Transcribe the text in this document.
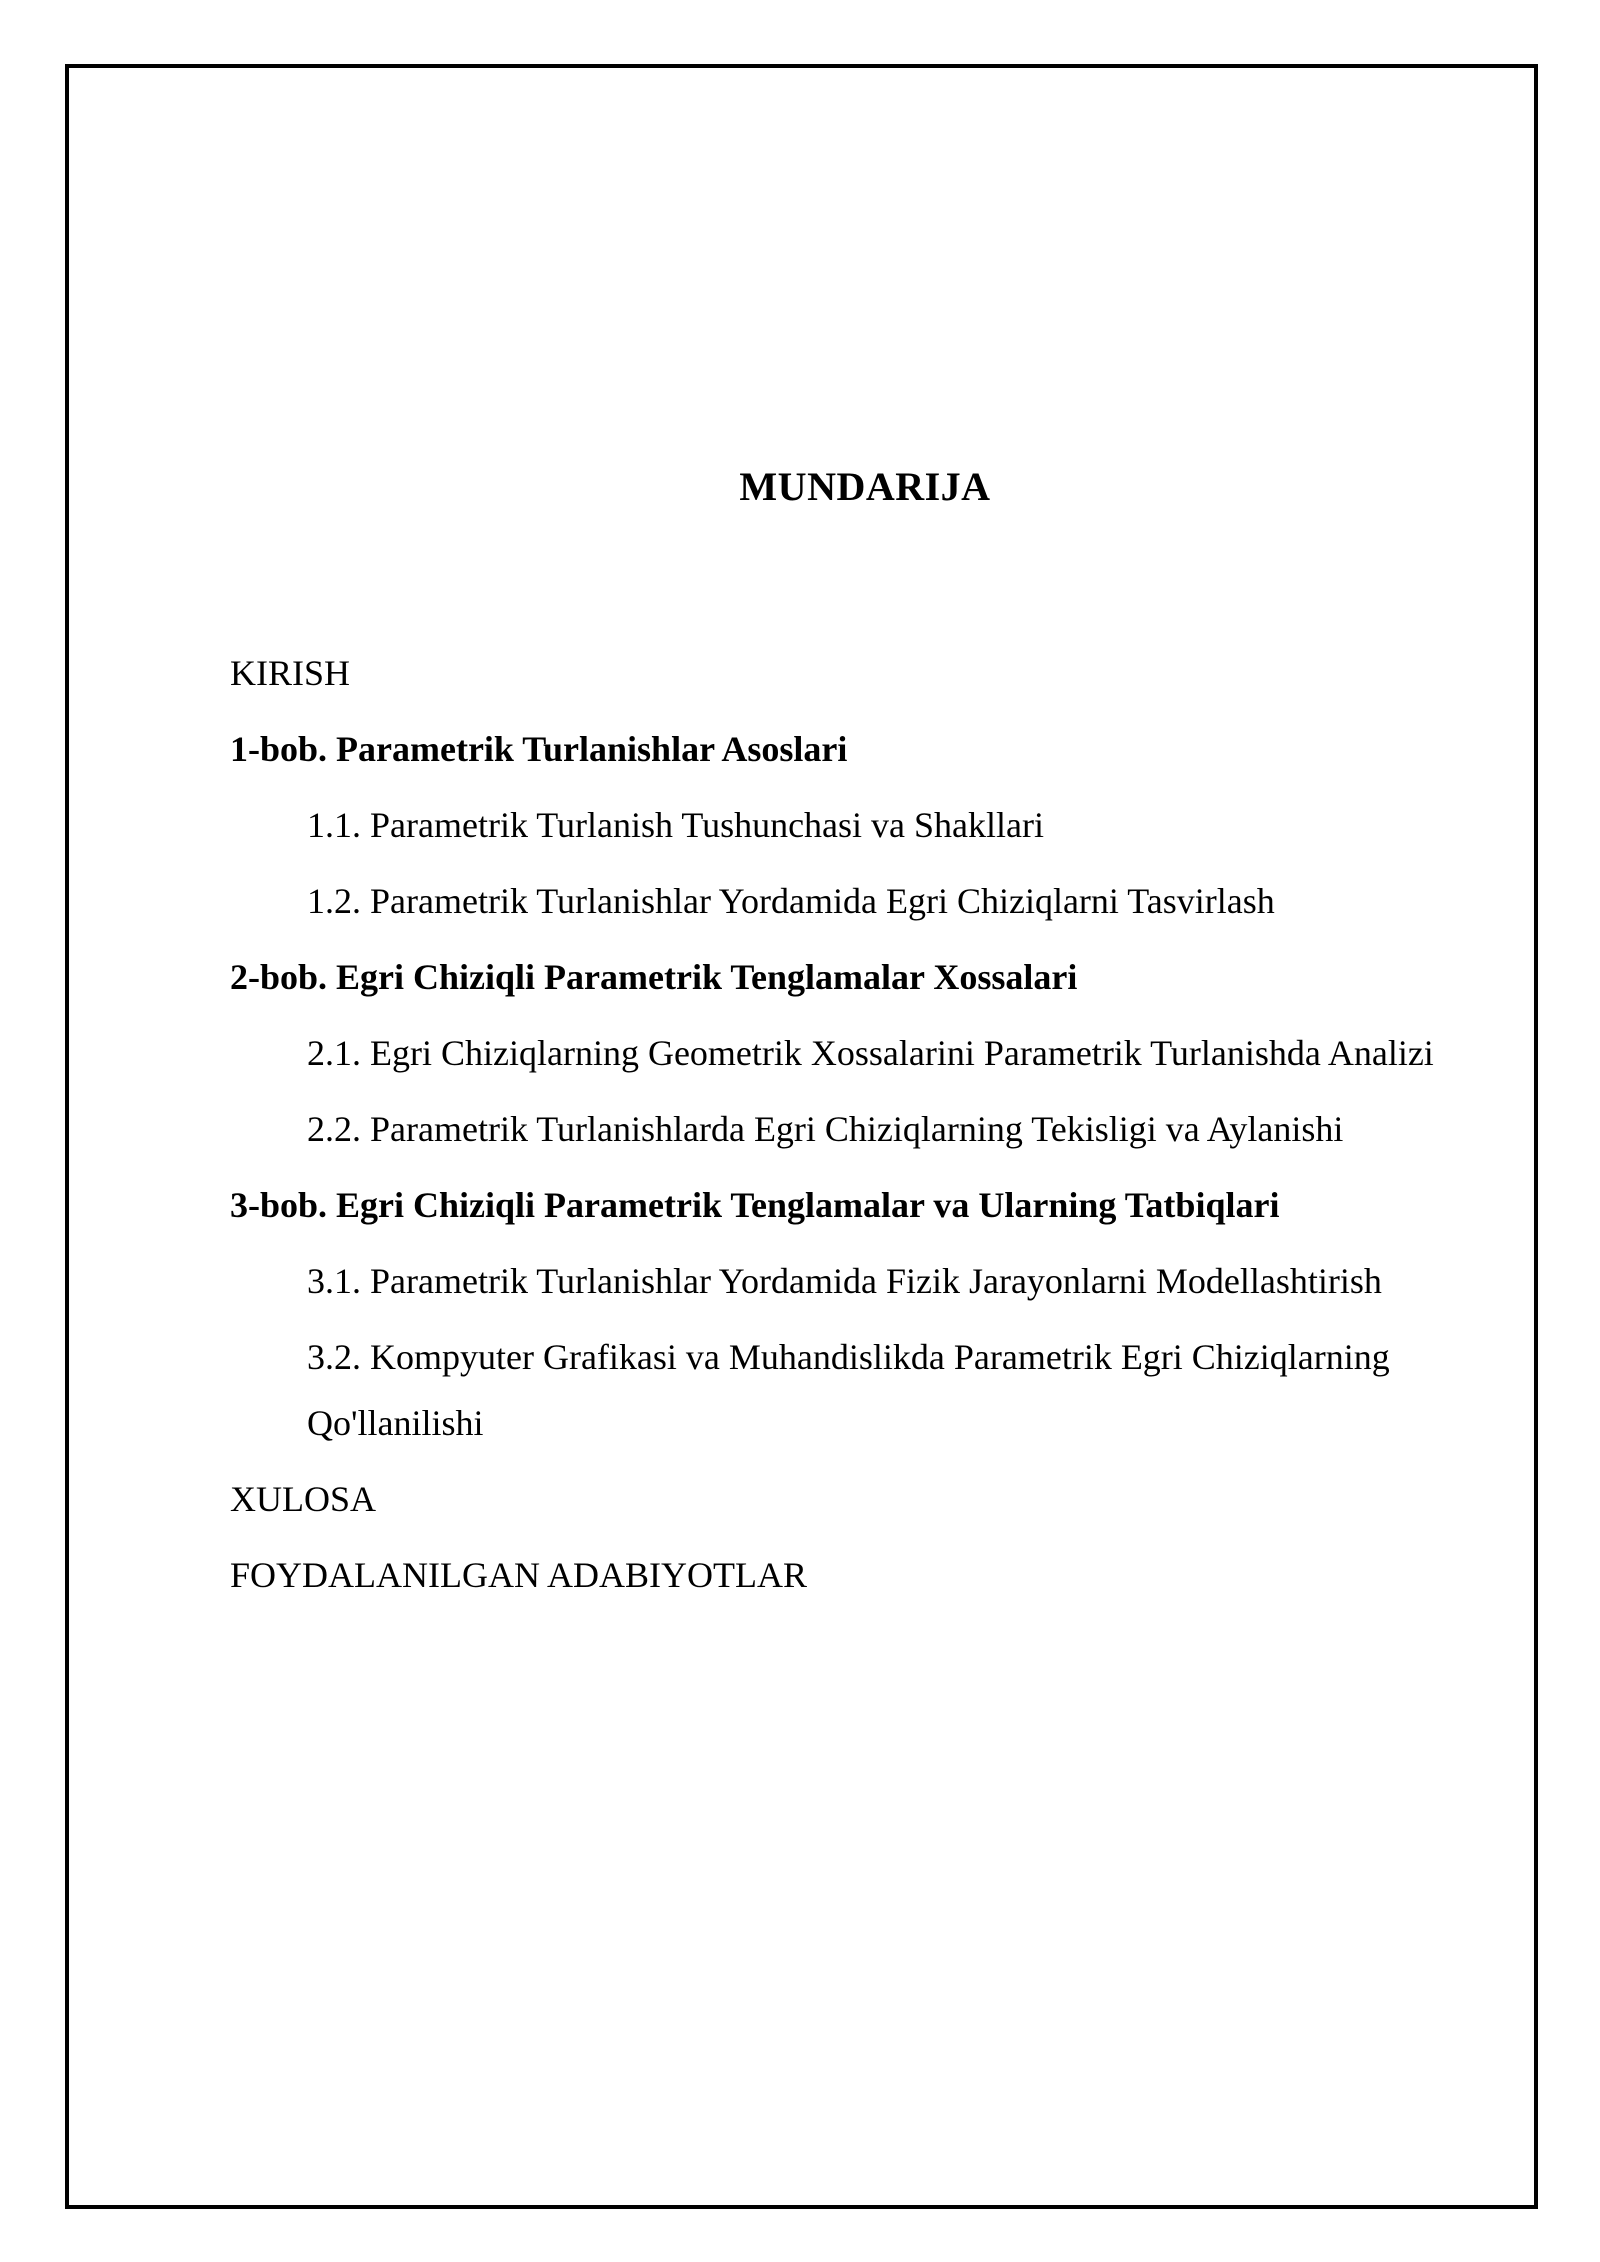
MUNDARIJA
KIRISH
1-bob. Parametrik Turlanishlar Asoslari
1.1. Parametrik Turlanish Tushunchasi va Shakllari
1.2. Parametrik Turlanishlar Yordamida Egri Chiziqlarni Tasvirlash
2-bob. Egri Chiziqli Parametrik Tenglamalar Xossalari
2.1. Egri Chiziqlarning Geometrik Xossalarini Parametrik Turlanishda Analizi
2.2. Parametrik Turlanishlarda Egri Chiziqlarning Tekisligi va Aylanishi
3-bob. Egri Chiziqli Parametrik Tenglamalar va Ularning Tatbiqlari
3.1. Parametrik Turlanishlar Yordamida Fizik Jarayonlarni Modellashtirish
3.2. Kompyuter Grafikasi va Muhandislikda Parametrik Egri Chiziqlarning Qo'llanilishi
XULOSA
FOYDALANILGAN ADABIYOTLAR
